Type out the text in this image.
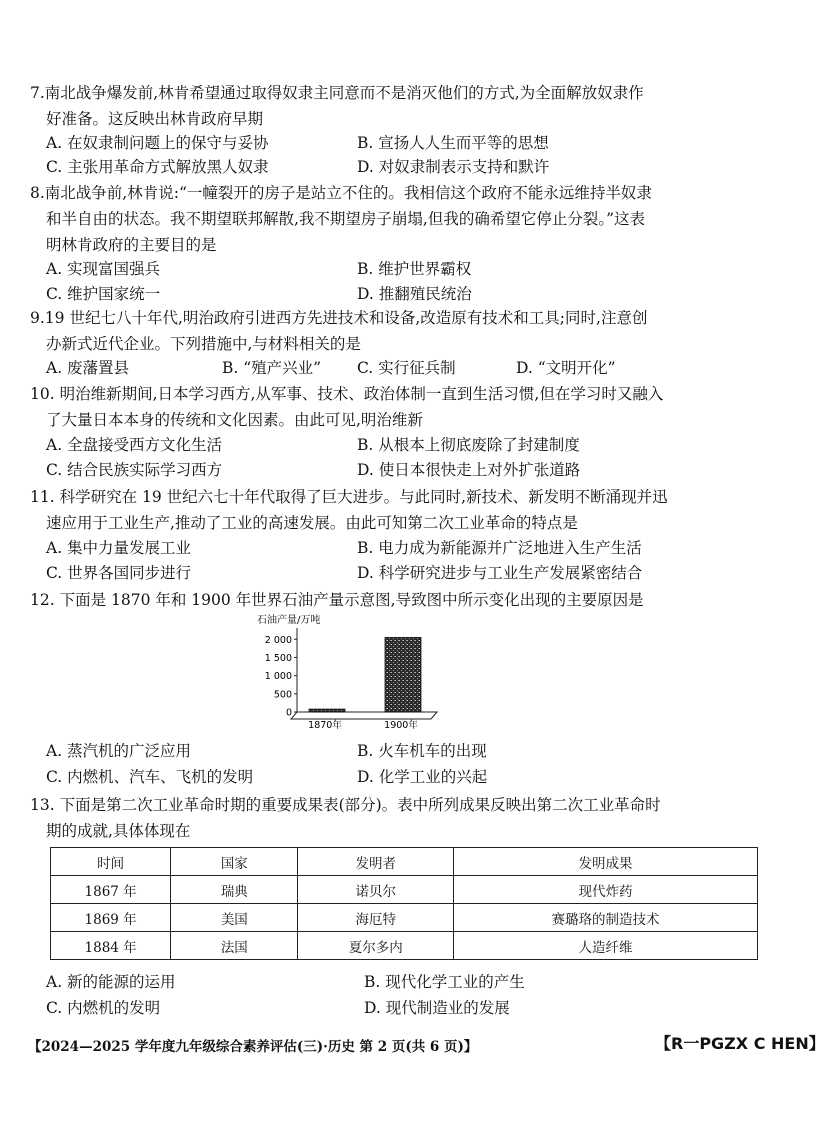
7.南北战争爆发前,林肯希望通过取得奴隶主同意而不是消灭他们的方式,为全面解放奴隶作
好准备。这反映出林肯政府早期
A. 在奴隶制问题上的保守与妥协	B. 宣扬人人生而平等的思想
C. 主张用革命方式解放黑人奴隶	D. 对奴隶制表示支持和默许
8.南北战争前,林肯说:“一幢裂开的房子是站立不住的。我相信这个政府不能永远维持半奴隶
和半自由的状态。我不期望联邦解散,我不期望房子崩塌,但我的确希望它停止分裂。”这表
明林肯政府的主要目的是
A. 实现富国强兵	B. 维护世界霸权
C. 维护国家统一	D. 推翻殖民统治
9.19 世纪七八十年代,明治政府引进西方先进技术和设备,改造原有技术和工具;同时,注意创
办新式近代企业。下列措施中,与材料相关的是
A. 废藩置县	B. “殖产兴业” C. 实行征兵制	D. “文明开化”
10. 明治维新期间,日本学习西方,从军事、技术、政治体制一直到生活习惯,但在学习时又融入
了大量日本本身的传统和文化因素。由此可见,明治维新
A. 全盘接受西方文化生活	B. 从根本上彻底废除了封建制度
C. 结合民族实际学习西方	D. 使日本很快走上对外扩张道路
11. 科学研究在 19 世纪六七十年代取得了巨大进步。与此同时,新技术、新发明不断涌现并迅
速应用于工业生产,推动了工业的高速发展。由此可知第二次工业革命的特点是
A. 集中力量发展工业	B. 电力成为新能源并广泛地进入生产生活
C. 世界各国同步进行	D. 科学研究进步与工业生产发展紧密结合
12. 下面是 1870 年和 1900 年世界石油产量示意图,导致图中所示变化出现的主要原因是
石油产量/万吨
0
500
1 000
1 500
2 000
1870年	1900年
A. 蒸汽机的广泛应用	B. 火车机车的出现
C. 内燃机、汽车、飞机的发明	D. 化学工业的兴起
13. 下面是第二次工业革命时期的重要成果表(部分)。表中所列成果反映出第二次工业革命时
期的成就,具体体现在
时间	国家	发明者	发明成果
1867 年	瑞典	诺贝尔	现代炸药
1869 年	美国	海厄特	赛璐珞的制造技术
1884 年	法国	夏尔多内	人造纤维
A. 新的能源的运用	B. 现代化学工业的产生
C. 内燃机的发明	D. 现代制造业的发展
【2024—2025 学年度九年级综合素养评估(三)·历史 第 2 页(共 6 页)】	【R一PGZX C HEN】
